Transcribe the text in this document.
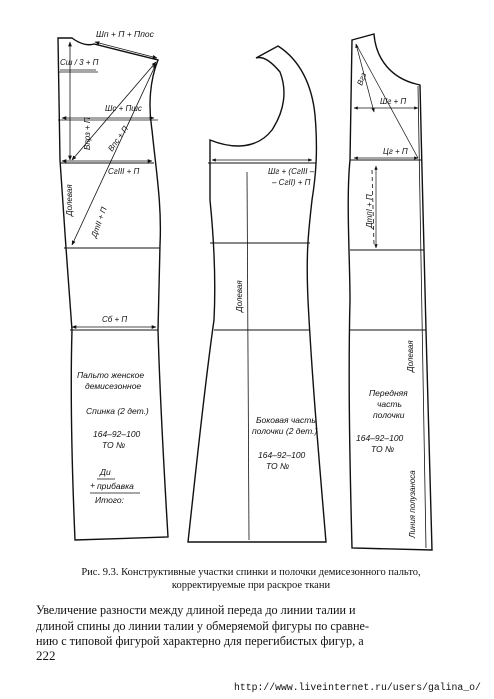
Шп + П + Ппос
Сш / 3 + П
Впрз + П
Шс + Пшс
Впс + П
СгIII + П
ДтII + П
Сб + П
Долевая
Пальто женское
демисезонное
Спинка (2 дет.)
164–92–100
ТО №
Ди
+ прибавка
Итого:
Шг + (СгIII –
– СгII) + П
Долевая
Боковая часть
полочки (2 дет.)
164–92–100
ТО №
Вгз
Шг + П
Цг + П
ДтпI + П
Долевая
Линия полузаноса
Передняя
часть
полочки
164–92–100
ТО №
Рис. 9.3. Конструктивные участки спинки и полочки демисезонного пальто,
корректируемые при раскрое ткани
Увеличение разности между длиной переда до линии талии и
длиной спины до линии талии у обмеряемой фигуры по сравне-
нию с типовой фигурой характерно для перегибистых фигур, а
222
http://www.liveinternet.ru/users/galina_o/
